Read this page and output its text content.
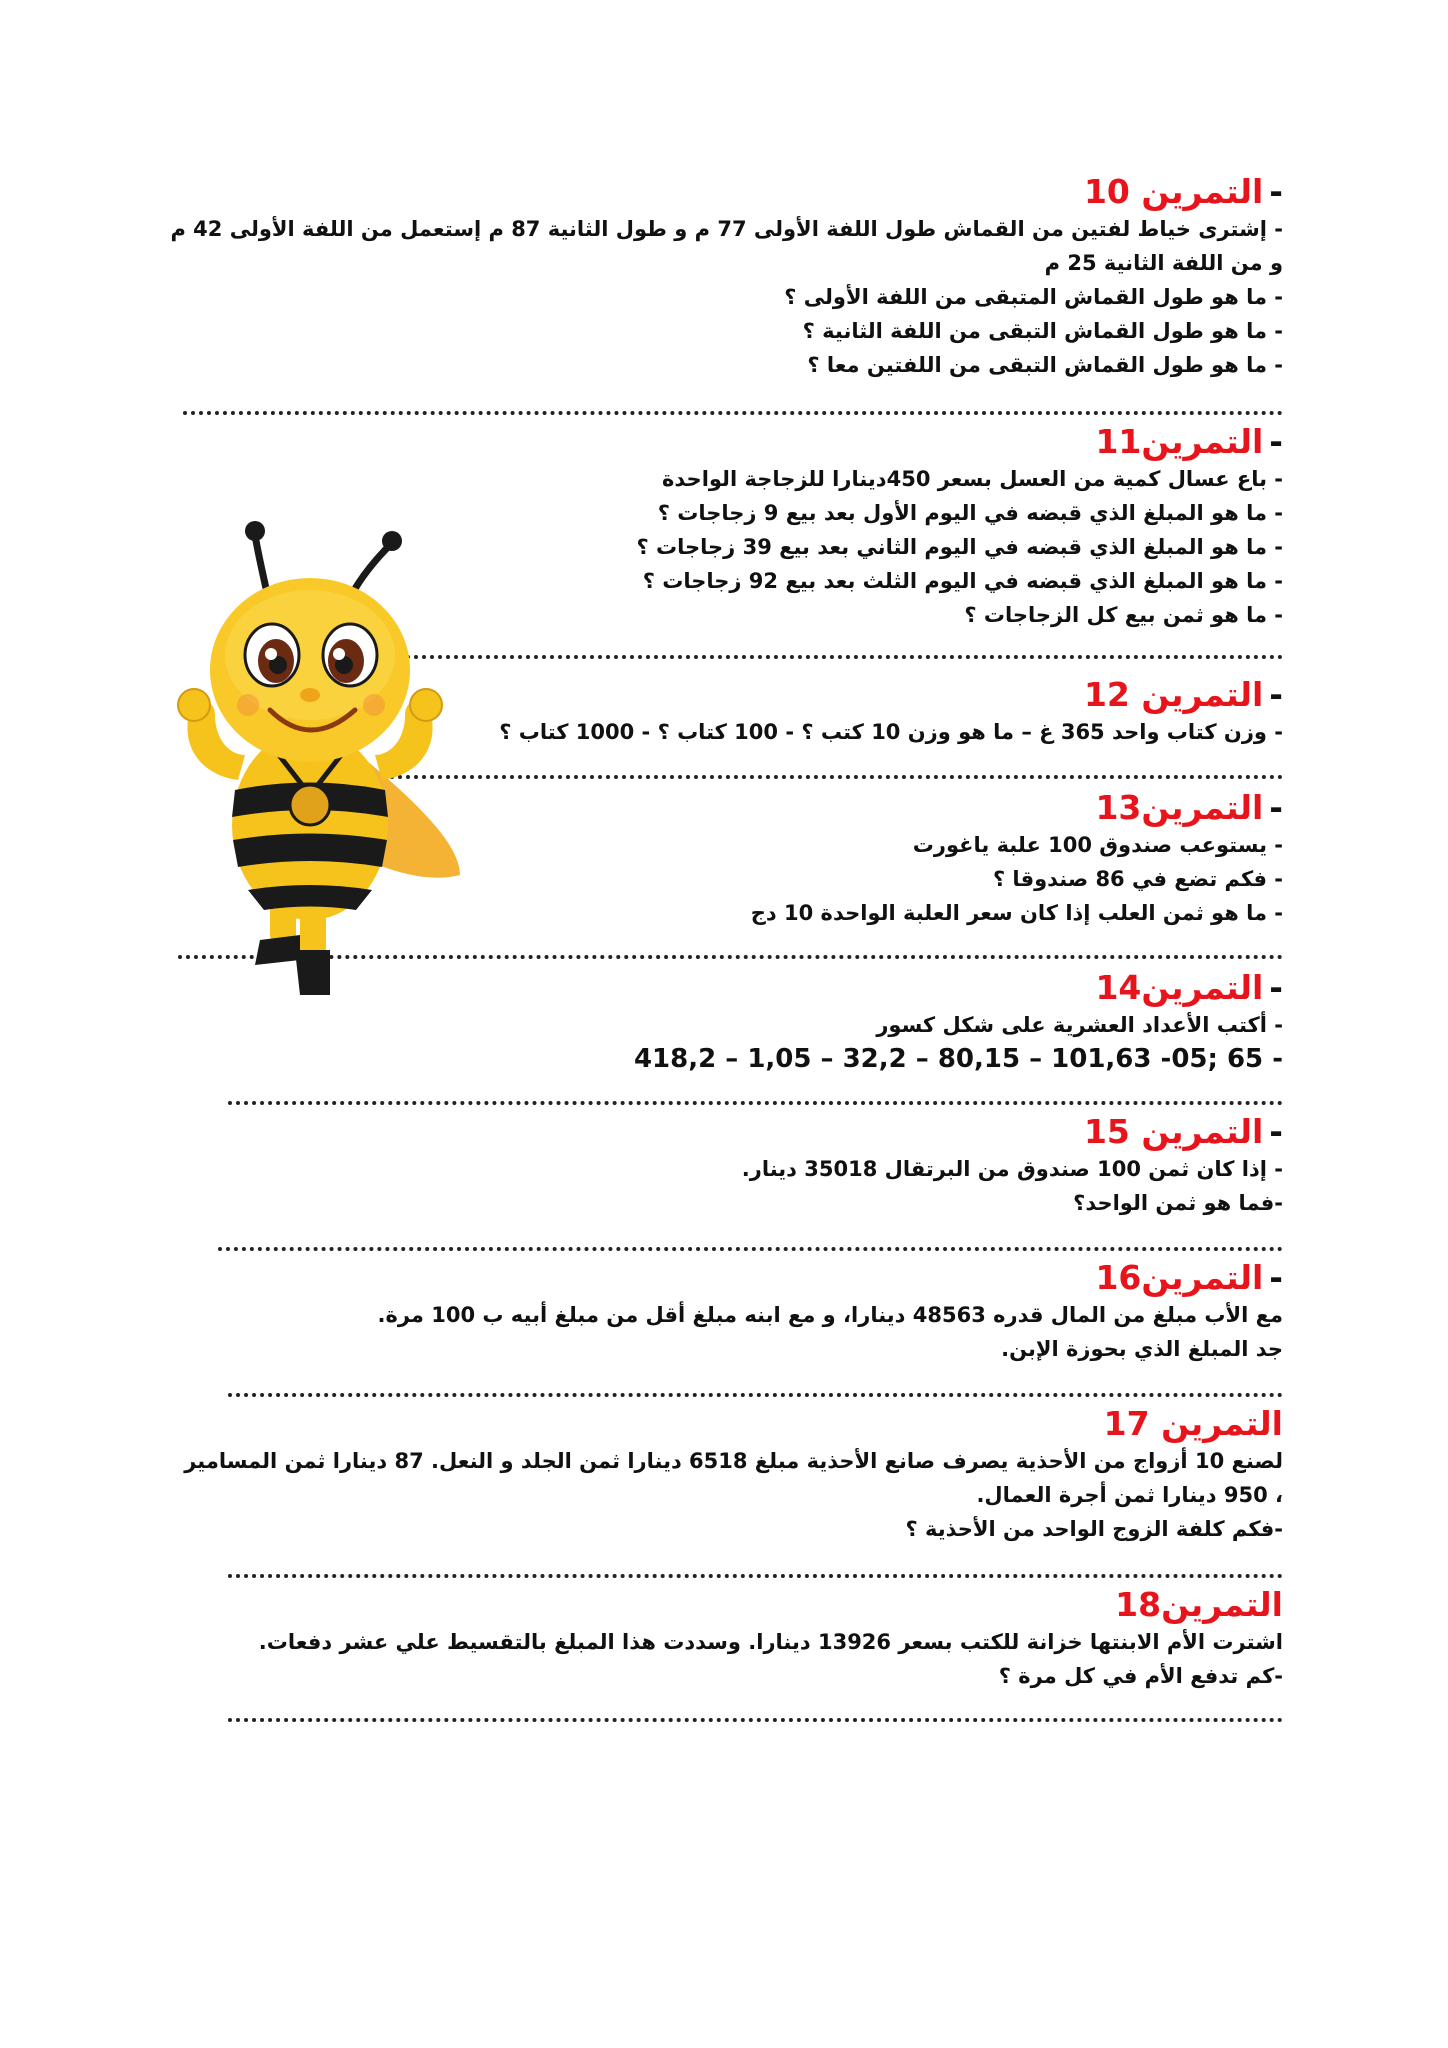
-التمرين 10
- إشترى خياط لفتين من القماش طول اللفة الأولى 77 م و طول الثانية 87 م إستعمل من اللفة الأولى 42 م و من اللفة الثانية 25 م
- ما هو طول القماش المتبقى من اللفة الأولى ؟
- ما هو طول القماش التبقى من اللفة الثانية ؟
- ما هو طول القماش التبقى من اللفتين معا ؟
-التمرين11
- باع عسال كمية من العسل بسعر 450دينارا للزجاجة الواحدة
- ما هو المبلغ الذي قبضه في اليوم الأول بعد بيع 9 زجاجات ؟
- ما هو المبلغ الذي قبضه في اليوم الثاني بعد بيع 39 زجاجات ؟
- ما هو المبلغ الذي قبضه في اليوم الثلث بعد بيع 92 زجاجات ؟
- ما هو ثمن بيع كل الزجاجات ؟
-التمرين 12
- وزن كتاب واحد 365 غ – ما هو وزن 10 كتب ؟ - 100 كتاب ؟ - 1000 كتاب ؟
-التمرين13
- يستوعب صندوق 100 علبة ياغورت
- فكم تضع في 86 صندوقا ؟
- ما هو ثمن العلب إذا كان سعر العلبة الواحدة 10 دج
-التمرين14
- أكتب الأعداد العشرية على شكل كسور
418,2 – 1,05 – 32,2 – 80,15 – 101,63 -05; 65 -
-التمرين 15
- إذا كان ثمن 100 صندوق من البرتقال 35018 دينار.
-فما هو ثمن الواحد؟
-التمرين16
مع الأب مبلغ من المال قدره 48563 دينارا، و مع ابنه مبلغ أقل من مبلغ أبيه ب 100 مرة.
جد المبلغ الذي بحوزة الإبن.
التمرين 17
لصنع 10 أزواج من الأحذية يصرف صانع الأحذية مبلغ 6518 دينارا ثمن الجلد و النعل. 87 دينارا ثمن المسامير ، 950 دينارا ثمن أجرة العمال.
-فكم كلفة الزوج الواحد من الأحذية ؟
التمرين18
اشترت الأم الابنتها خزانة للكتب بسعر 13926 دينارا. وسددت هذا المبلغ بالتقسيط علي عشر دفعات.
-كم تدفع الأم في كل مرة ؟
